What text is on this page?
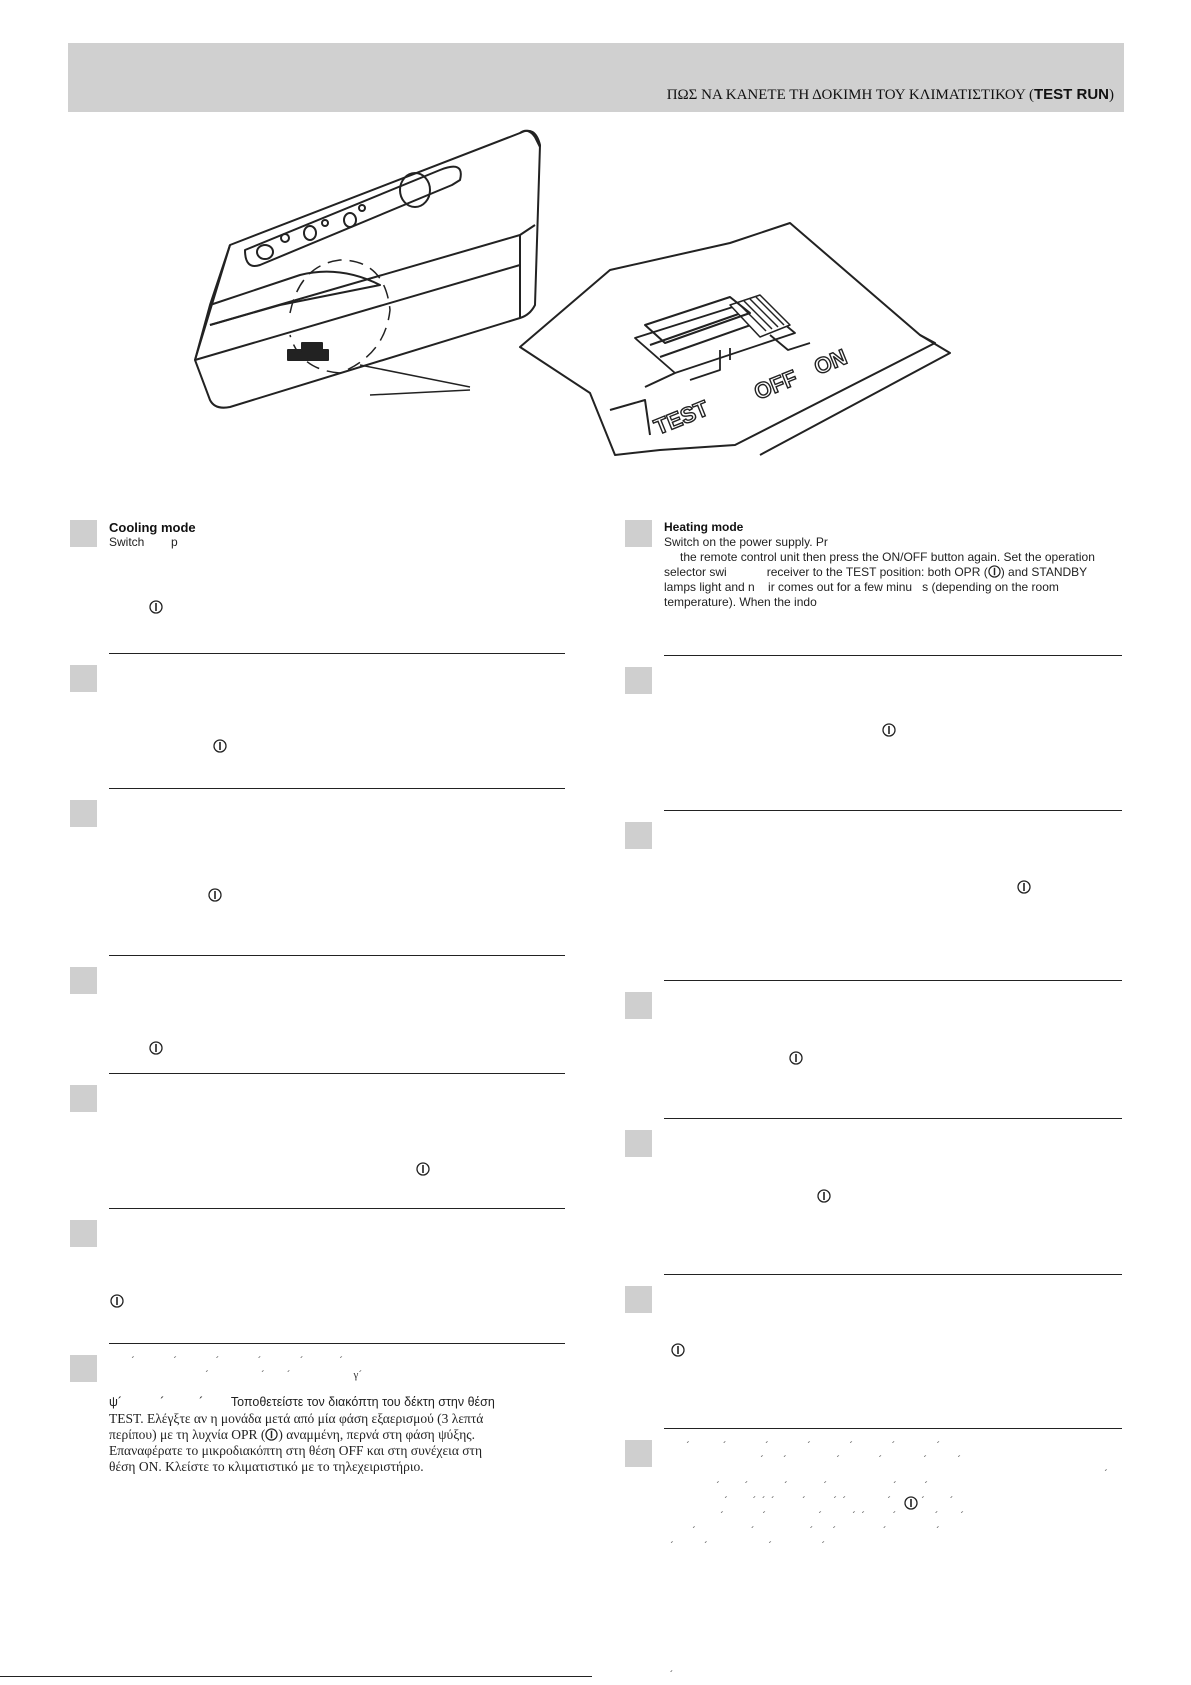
ΠΩΣ ΝΑ ΚΑΝΕΤΕ ΤΗ ΔΟΚΙΜΗ ΤΟΥ ΚΛΙΜΑΤΙΣΤΙΚΟΥ (TEST RUN)
TEST
OFF
ON
Cooling mode
Switch        p
´              ´              ´              ´              ´             ´
´                   ´        ´                       γ´
ψ´           ´          ´        Τοποθετείστε τον διακόπτη του δέκτη στην θέση
TEST. Ελέγξτε αν η μονάδα μετά από μία φάση εξαερισμού (3 λεπτά
περίπου) με τη λυχνία OPR ( ) αναμμένη, περνά στη φάση ψύξης.
Επαναφέρατε το μικροδιακόπτη στη θέση OFF και στη συνέχεια στη
θέση ON. Κλείστε το κλιματιστικό με το τηλεχειριστήριο.
Heating mode
Switch on the power supply. Pr
the remote control unit then press the ON/OFF button again. Set the operation
selector swi            receiver to the TEST position: both OPR ( ) and STANDBY
lamps light and n    ir comes out for a few minu   s (depending on the room
temperature). When the indo
´            ´              ´              ´              ´              ´               ´
´       ´                  ´              ´               ´           ´
´
´         ´             ´             ´                        ´          ´
´         ´  ´  ´          ´          ´  ´               ´           ´         ´
´              ´                   ´           ´  ´          ´              ´        ´
´                    ´                    ´       ´                 ´                  ´
´           ´                      ´                  ´
´
